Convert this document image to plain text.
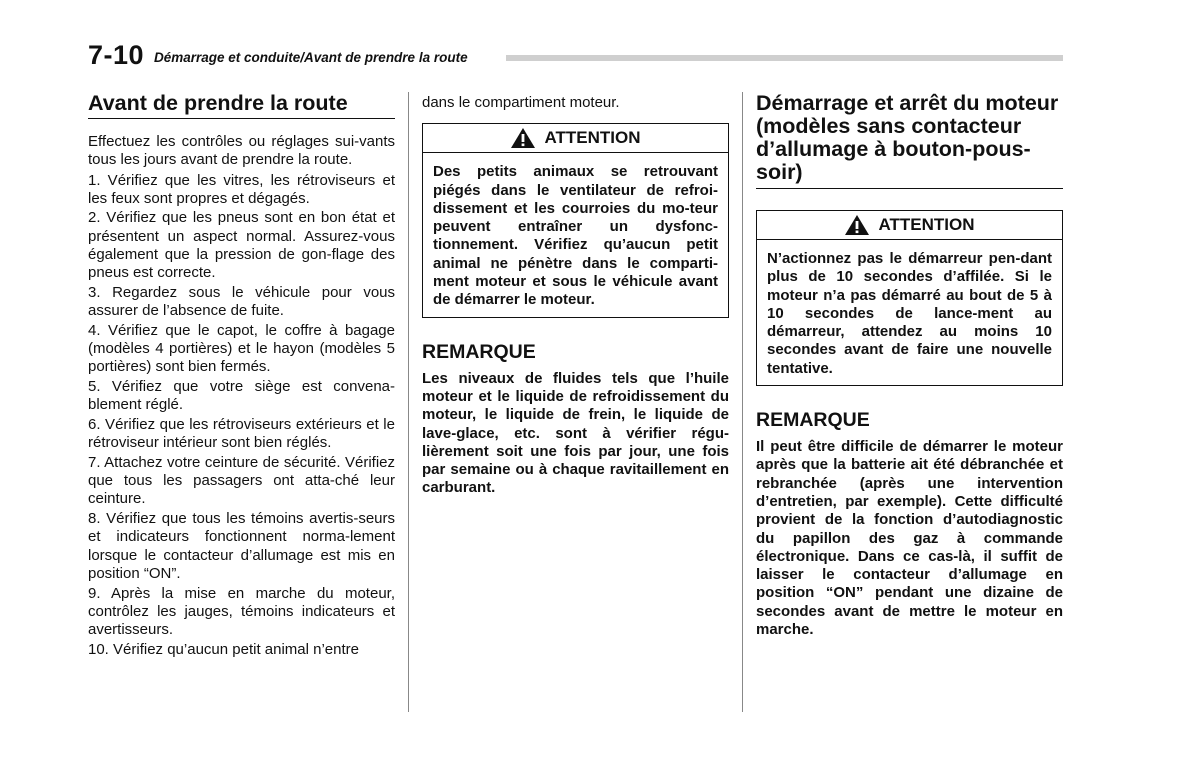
7-10 Démarrage et conduite/Avant de prendre la route
Avant de prendre la route

Effectuez les contrôles ou réglages sui-vants tous les jours avant de prendre la route.

1. Vérifiez que les vitres, les rétroviseurs et les feux sont propres et dégagés.

2. Vérifiez que les pneus sont en bon état et présentent un aspect normal. Assurez-vous également que la pression de gon-flage des pneus est correcte.

3. Regardez sous le véhicule pour vous assurer de l’absence de fuite.

4. Vérifiez que le capot, le coffre à bagage (modèles 4 portières) et le hayon (modèles 5 portières) sont bien fermés.

5. Vérifiez que votre siège est convena-blement réglé.

6. Vérifiez que les rétroviseurs extérieurs et le rétroviseur intérieur sont bien réglés.

7. Attachez votre ceinture de sécurité. Vérifiez que tous les passagers ont atta-ché leur ceinture.

8. Vérifiez que tous les témoins avertis-seurs et indicateurs fonctionnent norma-lement lorsque le contacteur d’allumage est mis en position “ON”.

9. Après la mise en marche du moteur, contrôlez les jauges, témoins indicateurs et avertisseurs.

10. Vérifiez qu’aucun petit animal n’entre

dans le compartiment moteur.

ATTENTION

Des petits animaux se retrouvant piégés dans le ventilateur de refroi-dissement et les courroies du mo-teur peuvent entraîner un dysfonc-tionnement. Vérifiez qu’aucun petit animal ne pénètre dans le comparti-ment moteur et sous le véhicule avant de démarrer le moteur.

REMARQUE

Les niveaux de fluides tels que l’huile moteur et le liquide de refroidissement du moteur, le liquide de frein, le liquide de lave-glace, etc. sont à vérifier régu-lièrement soit une fois par jour, une fois par semaine ou à chaque ravitaillement en carburant.

Démarrage et arrêt du moteur (modèles sans contacteur d’allumage à bouton-pous-soir)
ATTENTION

N’actionnez pas le démarreur pen-dant plus de 10 secondes d’affilée. Si le moteur n’a pas démarré au bout de 5 à 10 secondes de lance-ment au démarreur, attendez au moins 10 secondes avant de faire une nouvelle tentative.

REMARQUE

Il peut être difficile de démarrer le moteur après que la batterie ait été débranchée et rebranchée (après une intervention d’entretien, par exemple). Cette difficulté provient de la fonction d’autodiagnostic du papillon des gaz à commande électronique. Dans ce cas-là, il suffit de laisser le contacteur d’allumage en position “ON” pendant une dizaine de secondes avant de mettre le moteur en marche.
